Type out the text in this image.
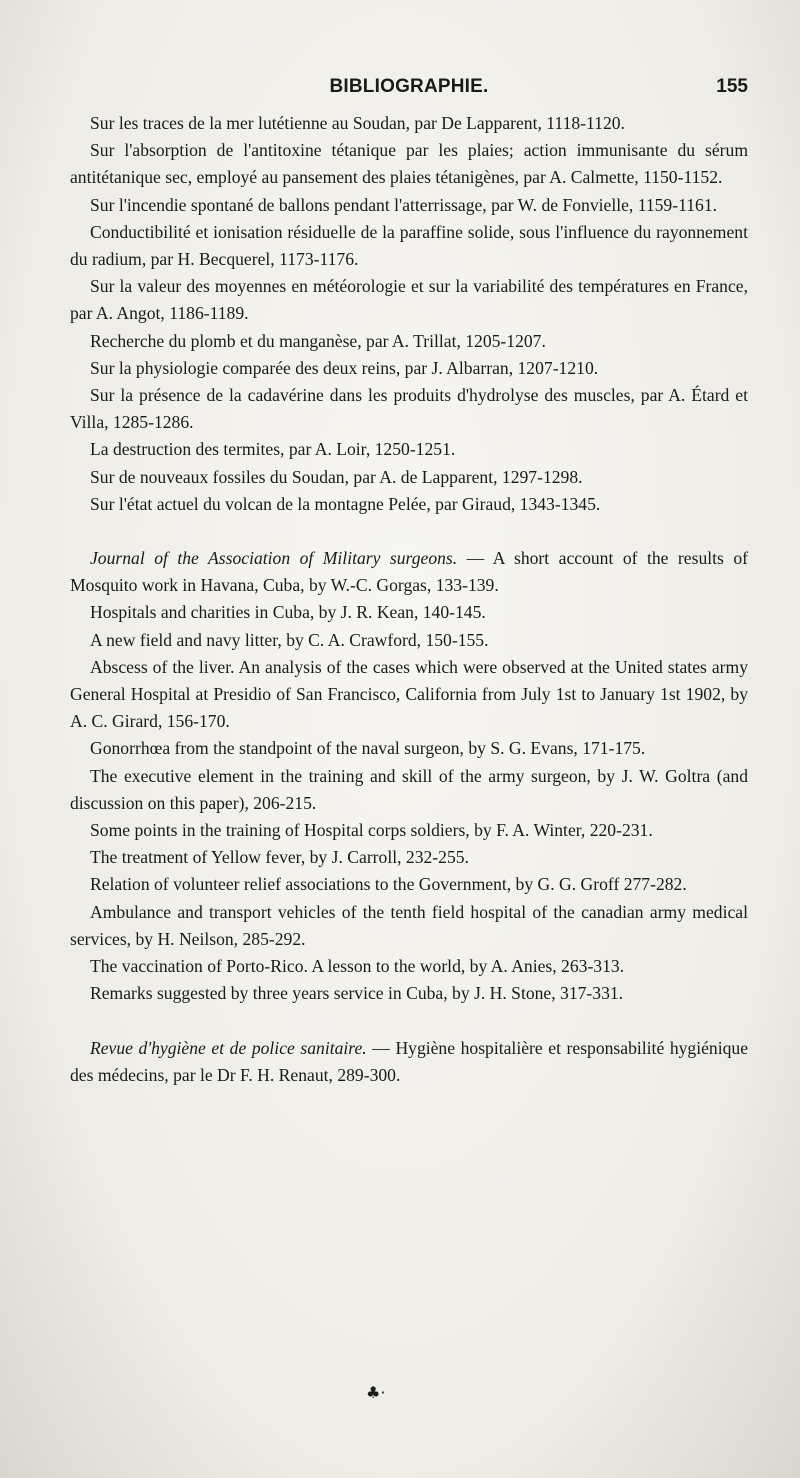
BIBLIOGRAPHIE.	155

Sur les traces de la mer lutétienne au Soudan, par De Lapparent, 1118-1120.

Sur l'absorption de l'antitoxine tétanique par les plaies; action immunisante du sérum antitétanique sec, employé au pansement des plaies tétanigènes, par A. Calmette, 1150-1152.

Sur l'incendie spontané de ballons pendant l'atterrissage, par W. de Fonvielle, 1159-1161.

Conductibilité et ionisation résiduelle de la paraffine solide, sous l'influence du rayonnement du radium, par H. Becquerel, 1173-1176.

Sur la valeur des moyennes en météorologie et sur la variabilité des températures en France, par A. Angot, 1186-1189.

Recherche du plomb et du manganèse, par A. Trillat, 1205-1207.

Sur la physiologie comparée des deux reins, par J. Albarran, 1207-1210.

Sur la présence de la cadavérine dans les produits d'hydrolyse des muscles, par A. Étard et Villa, 1285-1286.

La destruction des termites, par A. Loir, 1250-1251.

Sur de nouveaux fossiles du Soudan, par A. de Lapparent, 1297-1298.

Sur l'état actuel du volcan de la montagne Pelée, par Giraud, 1343-1345.

Journal of the Association of Military surgeons. — A short account of the results of Mosquito work in Havana, Cuba, by W.-C. Gorgas, 133-139.

Hospitals and charities in Cuba, by J. R. Kean, 140-145.

A new field and navy litter, by C. A. Crawford, 150-155.

Abscess of the liver. An analysis of the cases which were observed at the United states army General Hospital at Presidio of San Francisco, California from July 1st to January 1st 1902, by A. C. Girard, 156-170.

Gonorrhœa from the standpoint of the naval surgeon, by S. G. Evans, 171-175.

The executive element in the training and skill of the army surgeon, by J. W. Goltra (and discussion on this paper), 206-215.

Some points in the training of Hospital corps soldiers, by F. A. Winter, 220-231.

The treatment of Yellow fever, by J. Carroll, 232-255.

Relation of volunteer relief associations to the Government, by G. G. Groff 277-282.

Ambulance and transport vehicles of the tenth field hospital of the canadian army medical services, by H. Neilson, 285-292.

The vaccination of Porto-Rico. A lesson to the world, by A. Anies, 263-313.

Remarks suggested by three years service in Cuba, by J. H. Stone, 317-331.

Revue d'hygiène et de police sanitaire. — Hygiène hospitalière et responsabilité hygiénique des médecins, par le Dr F. H. Renaut, 289-300.

♣·
